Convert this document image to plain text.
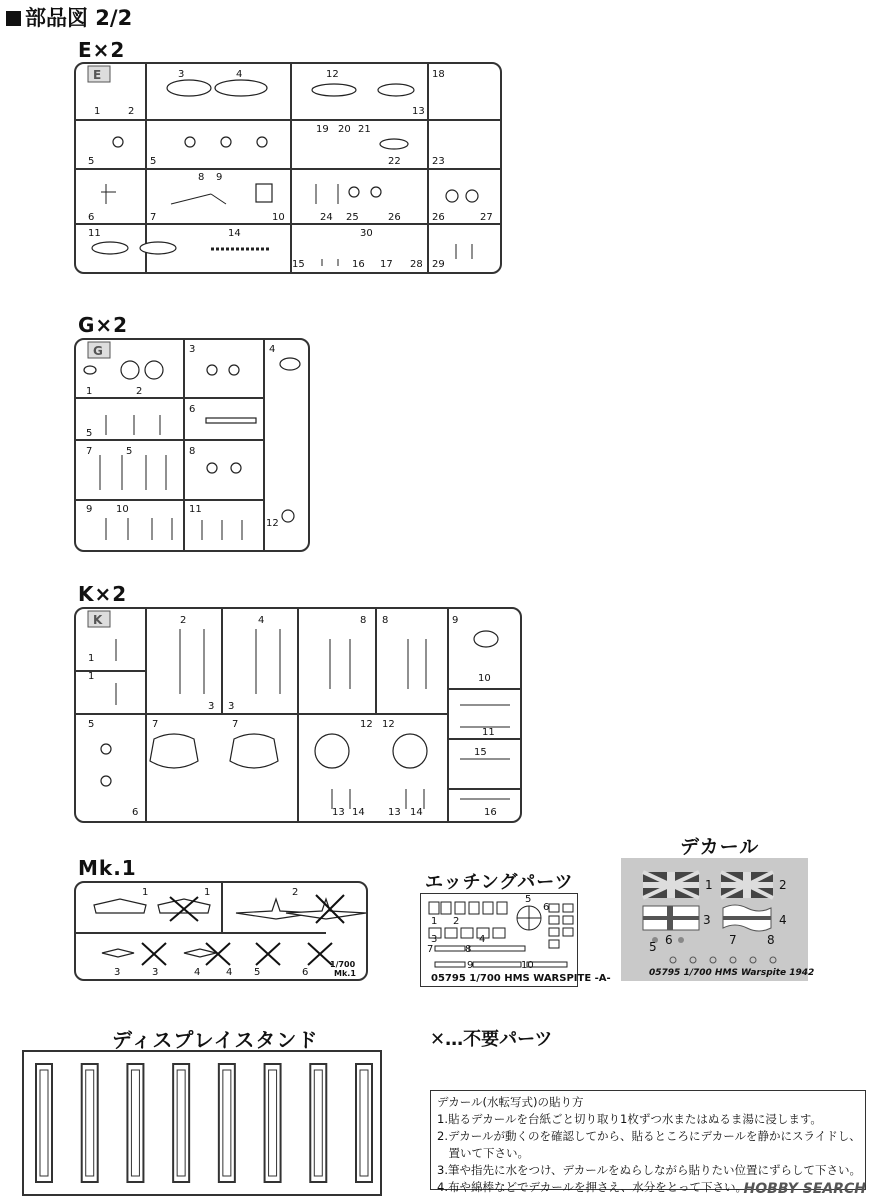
部品図 2/2
E×2
3	4	12	18
1	2	13
19 20 21
5	5	22	23
8 9
6	7	10	24 25	26	26	27
11	14	30
15	16 17 28 29
E
G×2
3	4
1	2
6
5
7	5	8
9 10	11
12
G
K×2
2	4	8 8	9
1
1	10
3 3
5	7	7	12 12
11
15
6	13 14 13 14	16
K
Mk.1
1	1	2
3	3	4	4 5	6
1/700
Mk.1
エッチングパーツ
1 2
3	4
5
6
7	8
9	10
05795 1/700 HMS WARSPITE -A-
デカール
1	2
3	4
5 6	7	8
05795 1/700 HMS Warspite 1942
ディスプレイスタンド	✕…不要パーツ
デカール(水転写式)の貼り方
1.貼るデカールを台紙ごと切り取り1枚ずつ水またはぬるま湯に浸します。
2.デカールが動くのを確認してから、貼るところにデカールを静かにスライドし、
　置いて下さい。
3.筆や指先に水をつけ、デカールをぬらしながら貼りたい位置にずらして下さい。
4.布や綿棒などでデカールを押さえ、水分をとって下さい。
HOBBY SEARCH
